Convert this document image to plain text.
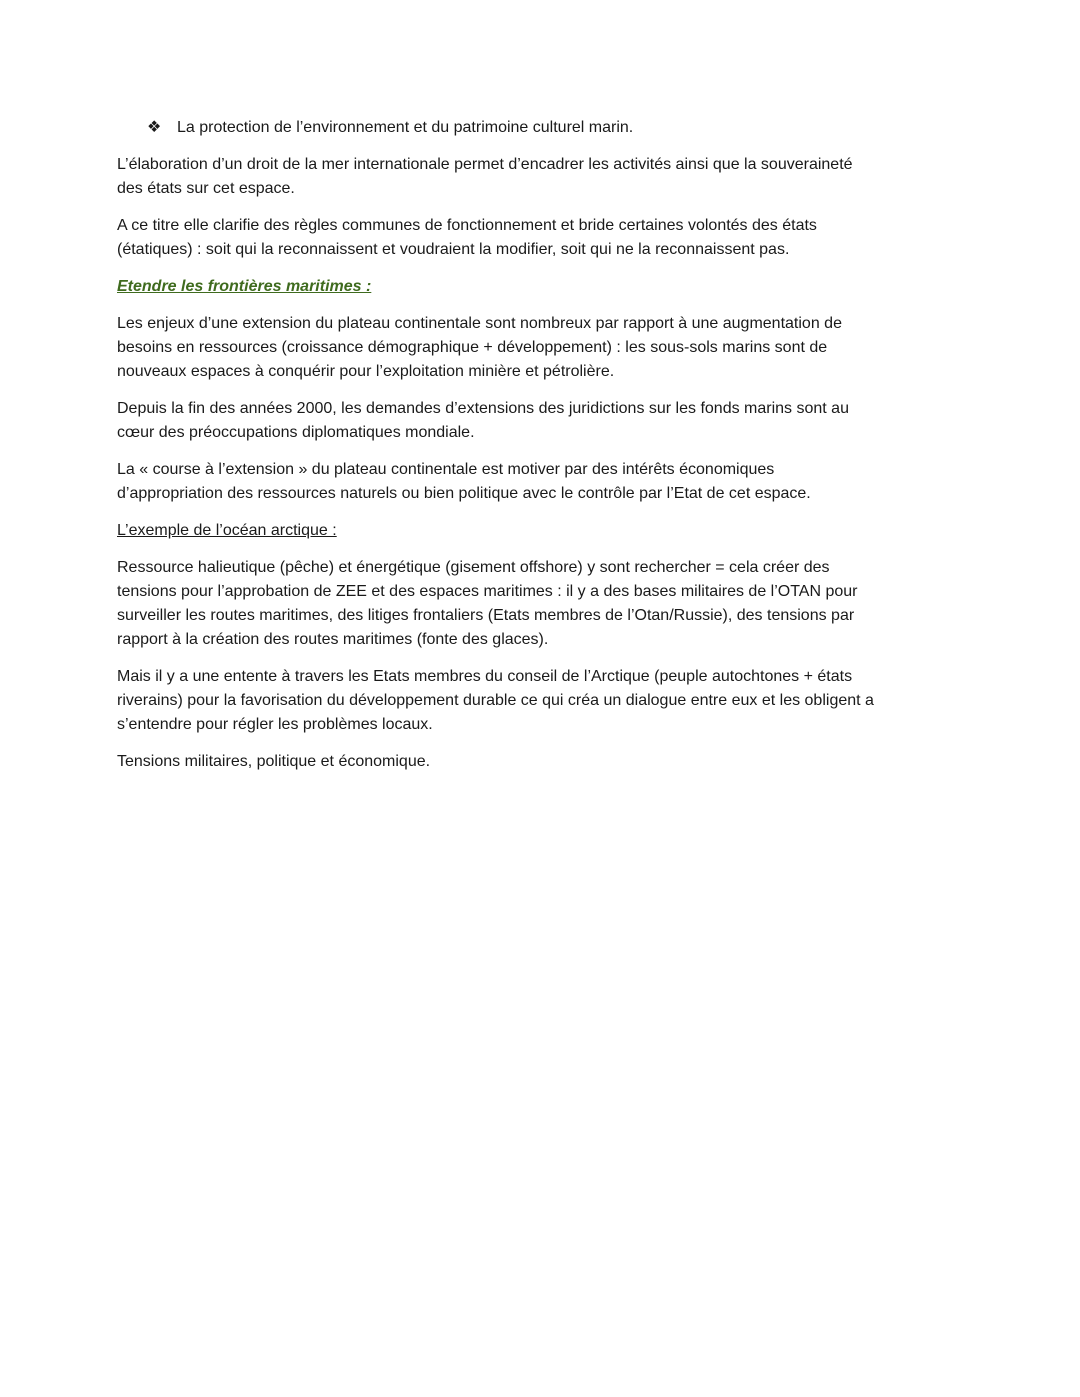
❖ La protection de l’environnement et du patrimoine culturel marin.

L’élaboration d’un droit de la mer internationale permet d’encadrer les activités ainsi que la souveraineté des états sur cet espace.

A ce titre elle clarifie des règles communes de fonctionnement et bride certaines volontés des états (étatiques) : soit qui la reconnaissent et voudraient la modifier, soit qui ne la reconnaissent pas.

Etendre les frontières maritimes :

Les enjeux d’une extension du plateau continentale sont nombreux par rapport à une augmentation de besoins en ressources (croissance démographique + développement) : les sous-sols marins sont de nouveaux espaces à conquérir pour l’exploitation minière et pétrolière.

Depuis la fin des années 2000, les demandes d’extensions des juridictions sur les fonds marins sont au cœur des préoccupations diplomatiques mondiale.

La « course à l’extension » du plateau continentale est motiver par des intérêts économiques d’appropriation des ressources naturels ou bien politique avec le contrôle par l’Etat de cet espace.

L’exemple de l’océan arctique :

Ressource halieutique (pêche) et énergétique (gisement offshore) y sont rechercher = cela créer des tensions pour l’approbation de ZEE et des espaces maritimes : il y a des bases militaires de l’OTAN pour surveiller les routes maritimes, des litiges frontaliers (Etats membres de l’Otan/Russie), des tensions par rapport à la création des routes maritimes (fonte des glaces).

Mais il y a une entente à travers les Etats membres du conseil de l’Arctique (peuple autochtones + états riverains) pour la favorisation du développement durable ce qui créa un dialogue entre eux et les obligent a s’entendre pour régler les problèmes locaux.

Tensions militaires, politique et économique.
